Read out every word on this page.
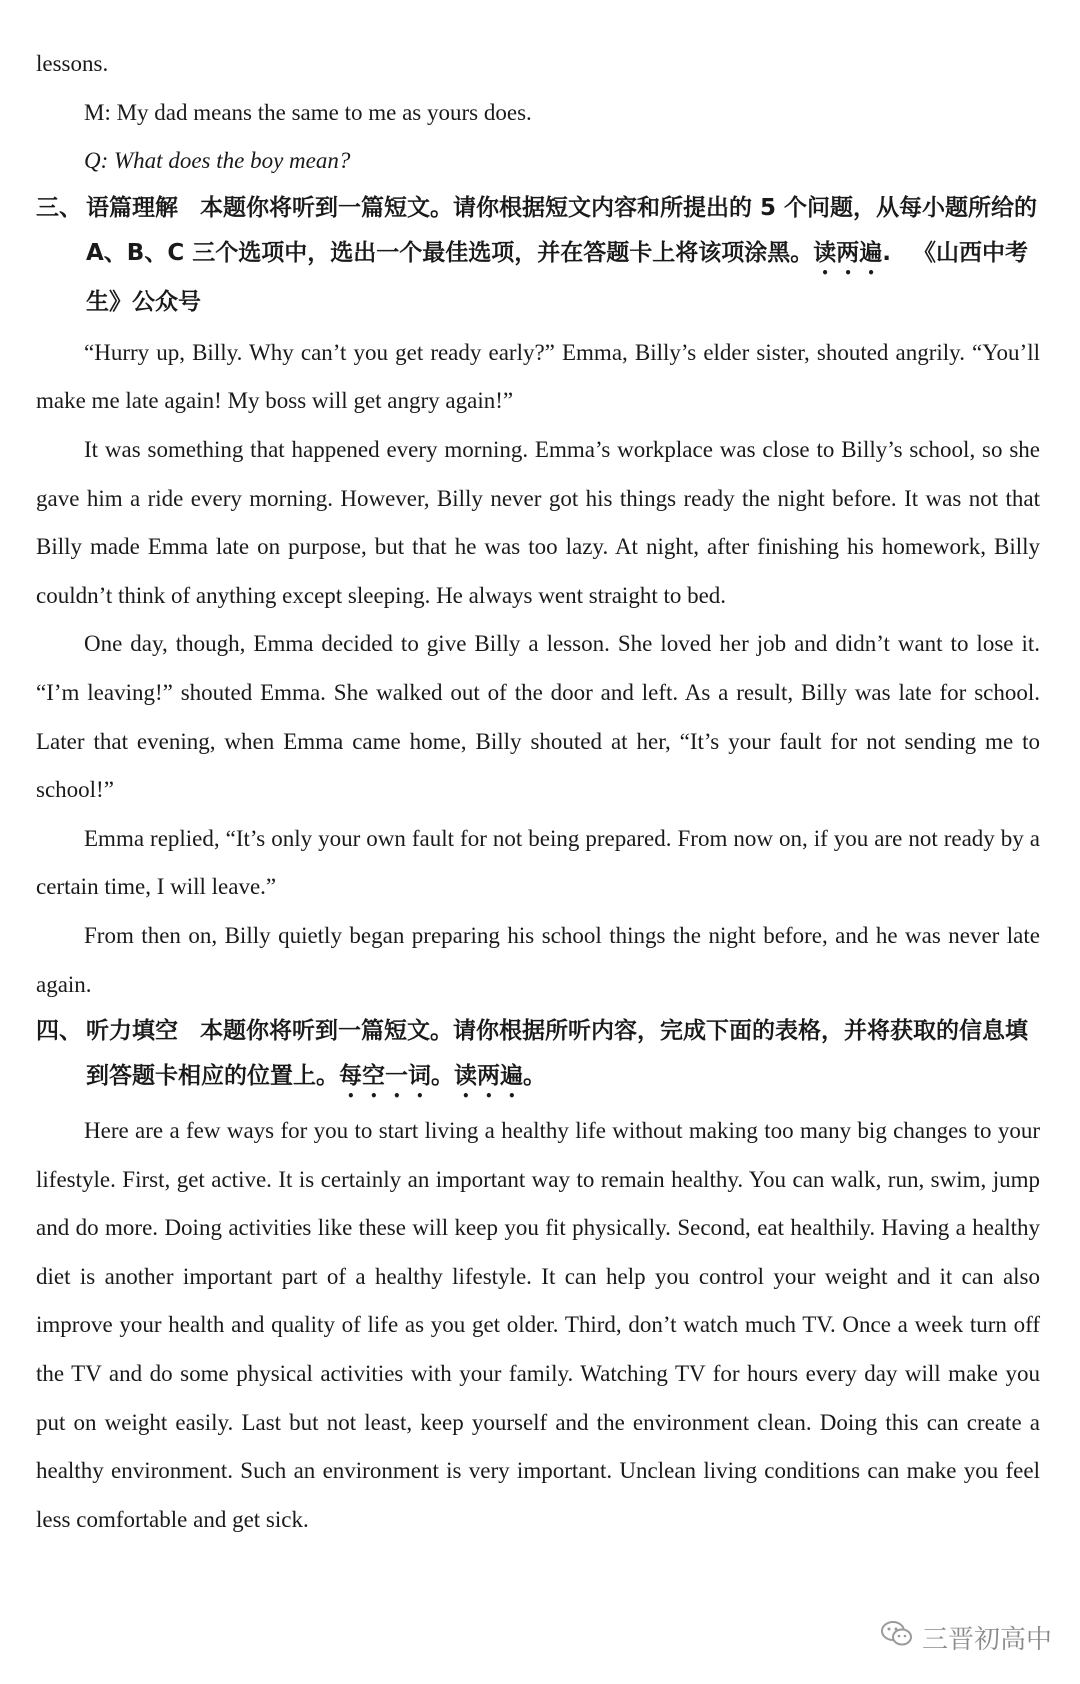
lessons.

M: My dad means the same to me as yours does.

Q: What does the boy mean?

三、 语篇理解 本题你将听到一篇短文。请你根据短文内容和所提出的 5 个问题，从每小题所给的 A、B、C 三个选项中，选出一个最佳选项，并在答题卡上将该项涂黑。读两遍. 《山西中考生》公众号

“Hurry up, Billy. Why can’t you get ready early?” Emma, Billy’s elder sister, shouted angrily. “You’ll make me late again! My boss will get angry again!”

It was something that happened every morning. Emma’s workplace was close to Billy’s school, so she gave him a ride every morning. However, Billy never got his things ready the night before. It was not that Billy made Emma late on purpose, but that he was too lazy. At night, after finishing his homework, Billy couldn’t think of anything except sleeping. He always went straight to bed.

One day, though, Emma decided to give Billy a lesson. She loved her job and didn’t want to lose it. “I’m leaving!” shouted Emma. She walked out of the door and left. As a result, Billy was late for school. Later that evening, when Emma came home, Billy shouted at her, “It’s your fault for not sending me to school!”

Emma replied, “It’s only your own fault for not being prepared. From now on, if you are not ready by a certain time, I will leave.”

From then on, Billy quietly began preparing his school things the night before, and he was never late again.

四、 听力填空 本题你将听到一篇短文。请你根据所听内容，完成下面的表格，并将获取的信息填到答题卡相应的位置上。每空一词。读两遍。

Here are a few ways for you to start living a healthy life without making too many big changes to your lifestyle. First, get active. It is certainly an important way to remain healthy. You can walk, run, swim, jump and do more. Doing activities like these will keep you fit physically. Second, eat healthily. Having a healthy diet is another important part of a healthy lifestyle. It can help you control your weight and it can also improve your health and quality of life as you get older. Third, don’t watch much TV. Once a week turn off the TV and do some physical activities with your family. Watching TV for hours every day will make you put on weight easily. Last but not least, keep yourself and the environment clean. Doing this can create a healthy environment. Such an environment is very important. Unclean living conditions can make you feel less comfortable and get sick.

三晋初高中
